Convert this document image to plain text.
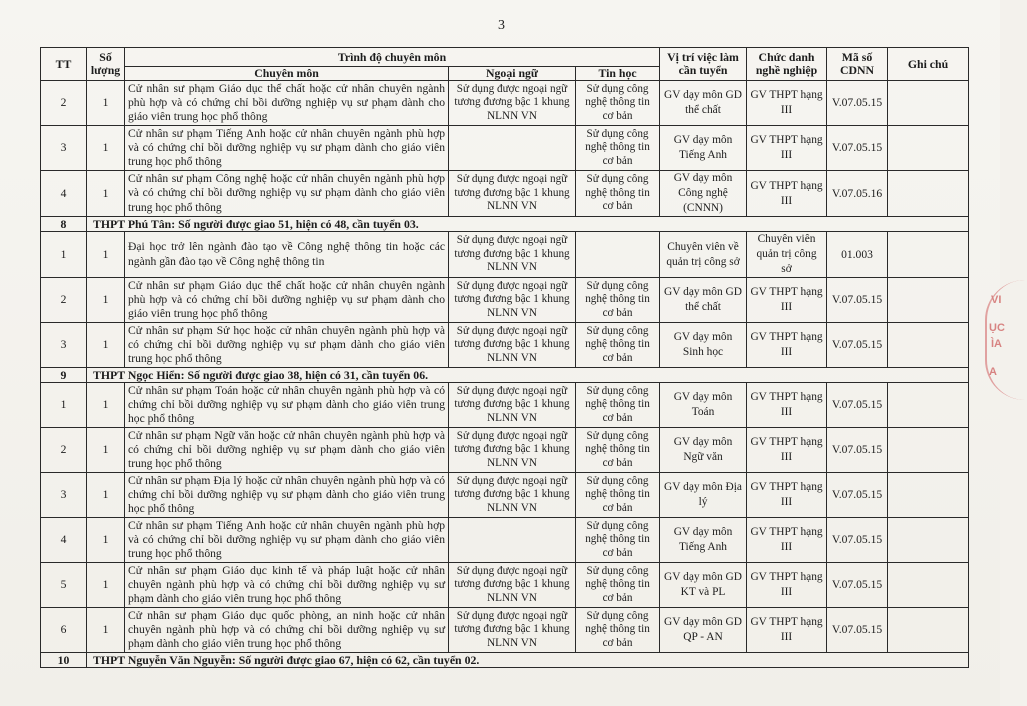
3
TT	Số lượng	Trình độ chuyên môn			Vị trí việc làm cần tuyển	Chức danh nghề nghiệp	Mã số CDNN	Ghi chú
		Chuyên môn	Ngoại ngữ	Tin học				
2	1	Cử nhân sư phạm Giáo dục thể chất hoặc cử nhân chuyên ngành phù hợp và có chứng chỉ bồi dưỡng nghiệp vụ sư phạm dành cho giáo viên trung học phổ thông	Sử dụng được ngoại ngữ tương đương bậc 1 khung NLNN VN	Sử dụng công nghệ thông tin cơ bản	GV dạy môn GD thể chất	GV THPT hạng III	V.07.05.15	
3	1	Cử nhân sư phạm Tiếng Anh hoặc cử nhân chuyên ngành phù hợp và có chứng chỉ bồi dưỡng nghiệp vụ sư phạm dành cho giáo viên trung học phổ thông		Sử dụng công nghệ thông tin cơ bản	GV dạy môn Tiếng Anh	GV THPT hạng III	V.07.05.15	
4	1	Cử nhân sư phạm Công nghệ hoặc cử nhân chuyên ngành phù hợp và có chứng chỉ bồi dưỡng nghiệp vụ sư phạm dành cho giáo viên trung học phổ thông	Sử dụng được ngoại ngữ tương đương bậc 1 khung NLNN VN	Sử dụng công nghệ thông tin cơ bản	GV dạy môn Công nghệ (CNNN)	GV THPT hạng III	V.07.05.16	
8	THPT Phú Tân: Số người được giao 51, hiện có 48, cần tuyển 03.							
1	1	Đại học trở lên ngành đào tạo về Công nghệ thông tin hoặc các ngành gần đào tạo về Công nghệ thông tin	Sử dụng được ngoại ngữ tương đương bậc 1 khung NLNN VN		Chuyên viên về quản trị công sở	Chuyên viên quản trị công sở	01.003	
2	1	Cử nhân sư phạm Giáo dục thể chất hoặc cử nhân chuyên ngành phù hợp và có chứng chỉ bồi dưỡng nghiệp vụ sư phạm dành cho giáo viên trung học phổ thông	Sử dụng được ngoại ngữ tương đương bậc 1 khung NLNN VN	Sử dụng công nghệ thông tin cơ bản	GV dạy môn GD thể chất	GV THPT hạng III	V.07.05.15	
3	1	Cử nhân sư phạm Sử học hoặc cử nhân chuyên ngành phù hợp và có chứng chỉ bồi dưỡng nghiệp vụ sư phạm dành cho giáo viên trung học phổ thông	Sử dụng được ngoại ngữ tương đương bậc 1 khung NLNN VN	Sử dụng công nghệ thông tin cơ bản	GV dạy môn Sinh học	GV THPT hạng III	V.07.05.15	
9	THPT Ngọc Hiển: Số người được giao 38, hiện có 31, cần tuyển 06.							
1	1	Cử nhân sư phạm Toán hoặc cử nhân chuyên ngành phù hợp và có chứng chỉ bồi dưỡng nghiệp vụ sư phạm dành cho giáo viên trung học phổ thông	Sử dụng được ngoại ngữ tương đương bậc 1 khung NLNN VN	Sử dụng công nghệ thông tin cơ bản	GV dạy môn Toán	GV THPT hạng III	V.07.05.15	
2	1	Cử nhân sư phạm Ngữ văn hoặc cử nhân chuyên ngành phù hợp và có chứng chỉ bồi dưỡng nghiệp vụ sư phạm dành cho giáo viên trung học phổ thông	Sử dụng được ngoại ngữ tương đương bậc 1 khung NLNN VN	Sử dụng công nghệ thông tin cơ bản	GV dạy môn Ngữ văn	GV THPT hạng III	V.07.05.15	
3	1	Cử nhân sư phạm Địa lý hoặc cử nhân chuyên ngành phù hợp và có chứng chỉ bồi dưỡng nghiệp vụ sư phạm dành cho giáo viên trung học phổ thông	Sử dụng được ngoại ngữ tương đương bậc 1 khung NLNN VN	Sử dụng công nghệ thông tin cơ bản	GV dạy môn Địa lý	GV THPT hạng III	V.07.05.15	
4	1	Cử nhân sư phạm Tiếng Anh hoặc cử nhân chuyên ngành phù hợp và có chứng chỉ bồi dưỡng nghiệp vụ sư phạm dành cho giáo viên trung học phổ thông		Sử dụng công nghệ thông tin cơ bản	GV dạy môn Tiếng Anh	GV THPT hạng III	V.07.05.15	
5	1	Cử nhân sư phạm Giáo dục kinh tế và pháp luật hoặc cử nhân chuyên ngành phù hợp và có chứng chỉ bồi dưỡng nghiệp vụ sư phạm dành cho giáo viên trung học phổ thông	Sử dụng được ngoại ngữ tương đương bậc 1 khung NLNN VN	Sử dụng công nghệ thông tin cơ bản	GV dạy môn GD KT và PL	GV THPT hạng III	V.07.05.15	
6	1	Cử nhân sư phạm Giáo dục quốc phòng, an ninh hoặc cử nhân chuyên ngành phù hợp và có chứng chỉ bồi dưỡng nghiệp vụ sư phạm dành cho giáo viên trung học phổ thông	Sử dụng được ngoại ngữ tương đương bậc 1 khung NLNN VN	Sử dụng công nghệ thông tin cơ bản	GV dạy môn GD QP - AN	GV THPT hạng III	V.07.05.15	
10	THPT Nguyễn Văn Nguyễn: Số người được giao 67, hiện có 62, cần tuyển 02.							
VI
ỤC
ÌA
A
